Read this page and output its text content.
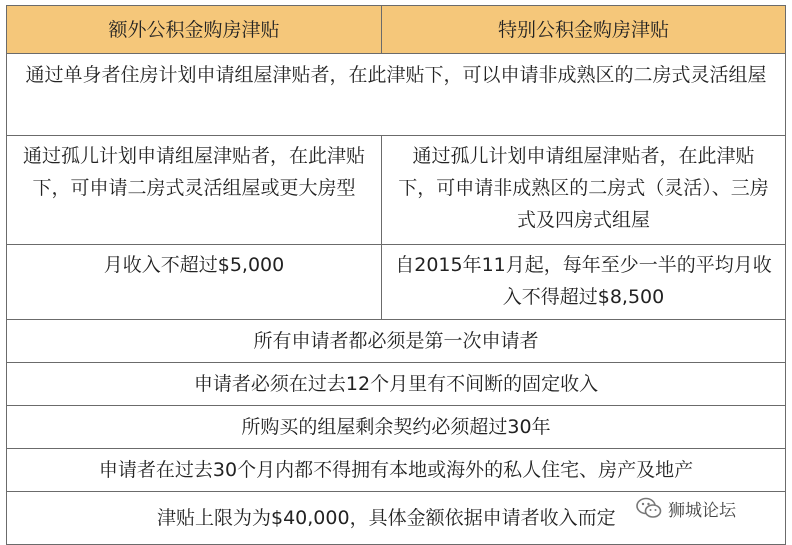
额外公积金购房津贴	特别公积金购房津贴
通过单身者住房计划申请组屋津贴者，在此津贴下，可以申请非成熟区的二房式灵活组屋	
通过孤儿计划申请组屋津贴者，在此津贴下，可申请二房式灵活组屋或更大房型	通过孤儿计划申请组屋津贴者，在此津贴下，可申请非成熟区的二房式（灵活）、三房式及四房式组屋
月收入不超过$5,000	自2015年11月起，每年至少一半的平均月收入不得超过$8,500
所有申请者都必须是第一次申请者	
申请者必须在过去12个月里有不间断的固定收入	
所购买的组屋剩余契约必须超过30年	
申请者在过去30个月内都不得拥有本地或海外的私人住宅、房产及地产	
津贴上限为为$40,000，具体金额依据申请者收入而定		狮城论坛
